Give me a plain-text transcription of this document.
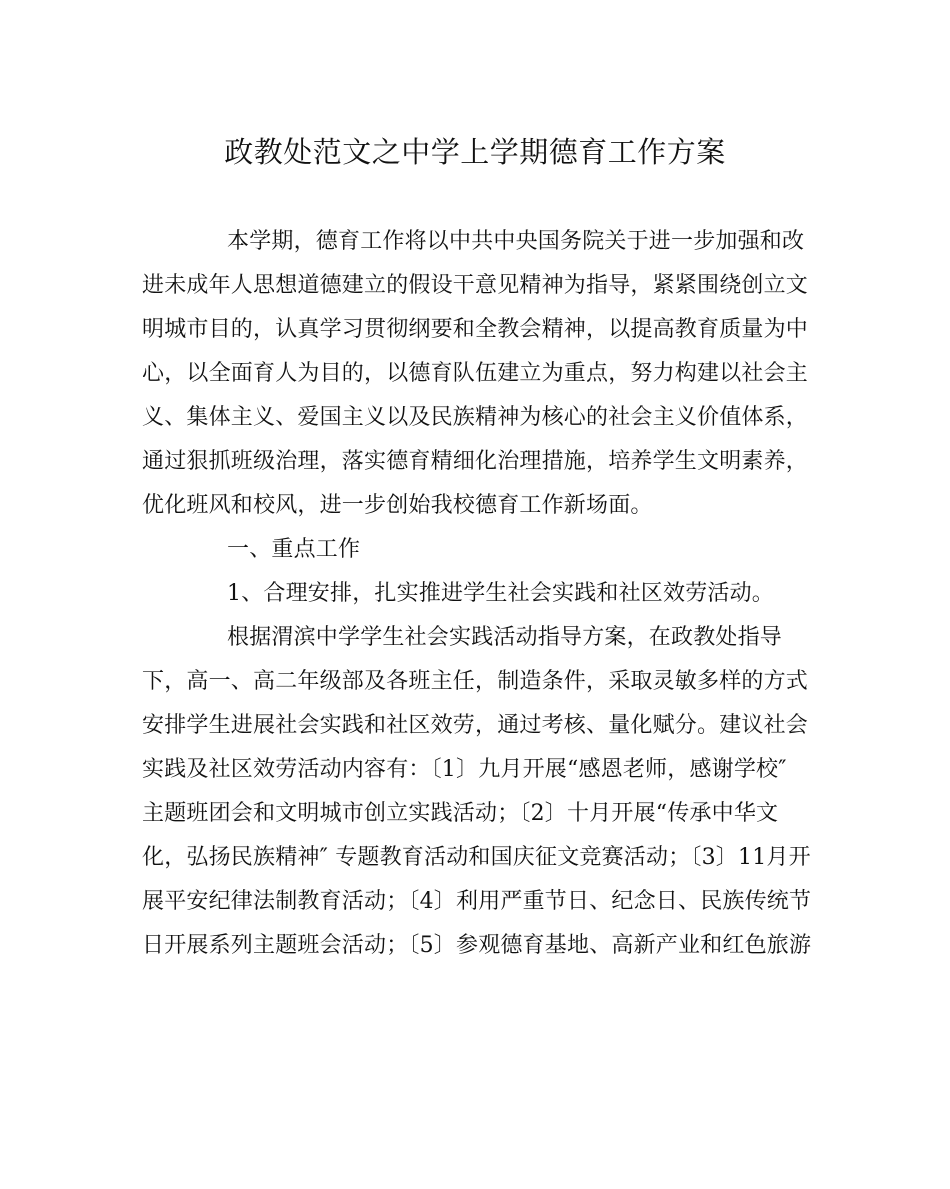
政教处范文之中学上学期德育工作方案
本学期，德育工作将以中共中央国务院关于进一步加强和改
进未成年人思想道德建立的假设干意见精神为指导，紧紧围绕创立文
明城市目的，认真学习贯彻纲要和全教会精神，以提高教育质量为中
心，以全面育人为目的，以德育队伍建立为重点，努力构建以社会主
义、集体主义、爱国主义以及民族精神为核心的社会主义价值体系，
通过狠抓班级治理，落实德育精细化治理措施，培养学生文明素养，
优化班风和校风，进一步创始我校德育工作新场面。
一、重点工作
1、合理安排，扎实推进学生社会实践和社区效劳活动。
根据渭滨中学学生社会实践活动指导方案，在政教处指导
下，高一、高二年级部及各班主任，制造条件，采取灵敏多样的方式
安排学生进展社会实践和社区效劳，通过考核、量化赋分。建议社会
实践及社区效劳活动内容有：〔1〕九月开展“感恩老师，感谢学校″
主题班团会和文明城市创立实践活动；〔2〕十月开展“传承中华文
化，弘扬民族精神″ 专题教育活动和国庆征文竞赛活动；〔3〕11月开
展平安纪律法制教育活动；〔4〕利用严重节日、纪念日、民族传统节
日开展系列主题班会活动；〔5〕参观德育基地、高新产业和红色旅游
